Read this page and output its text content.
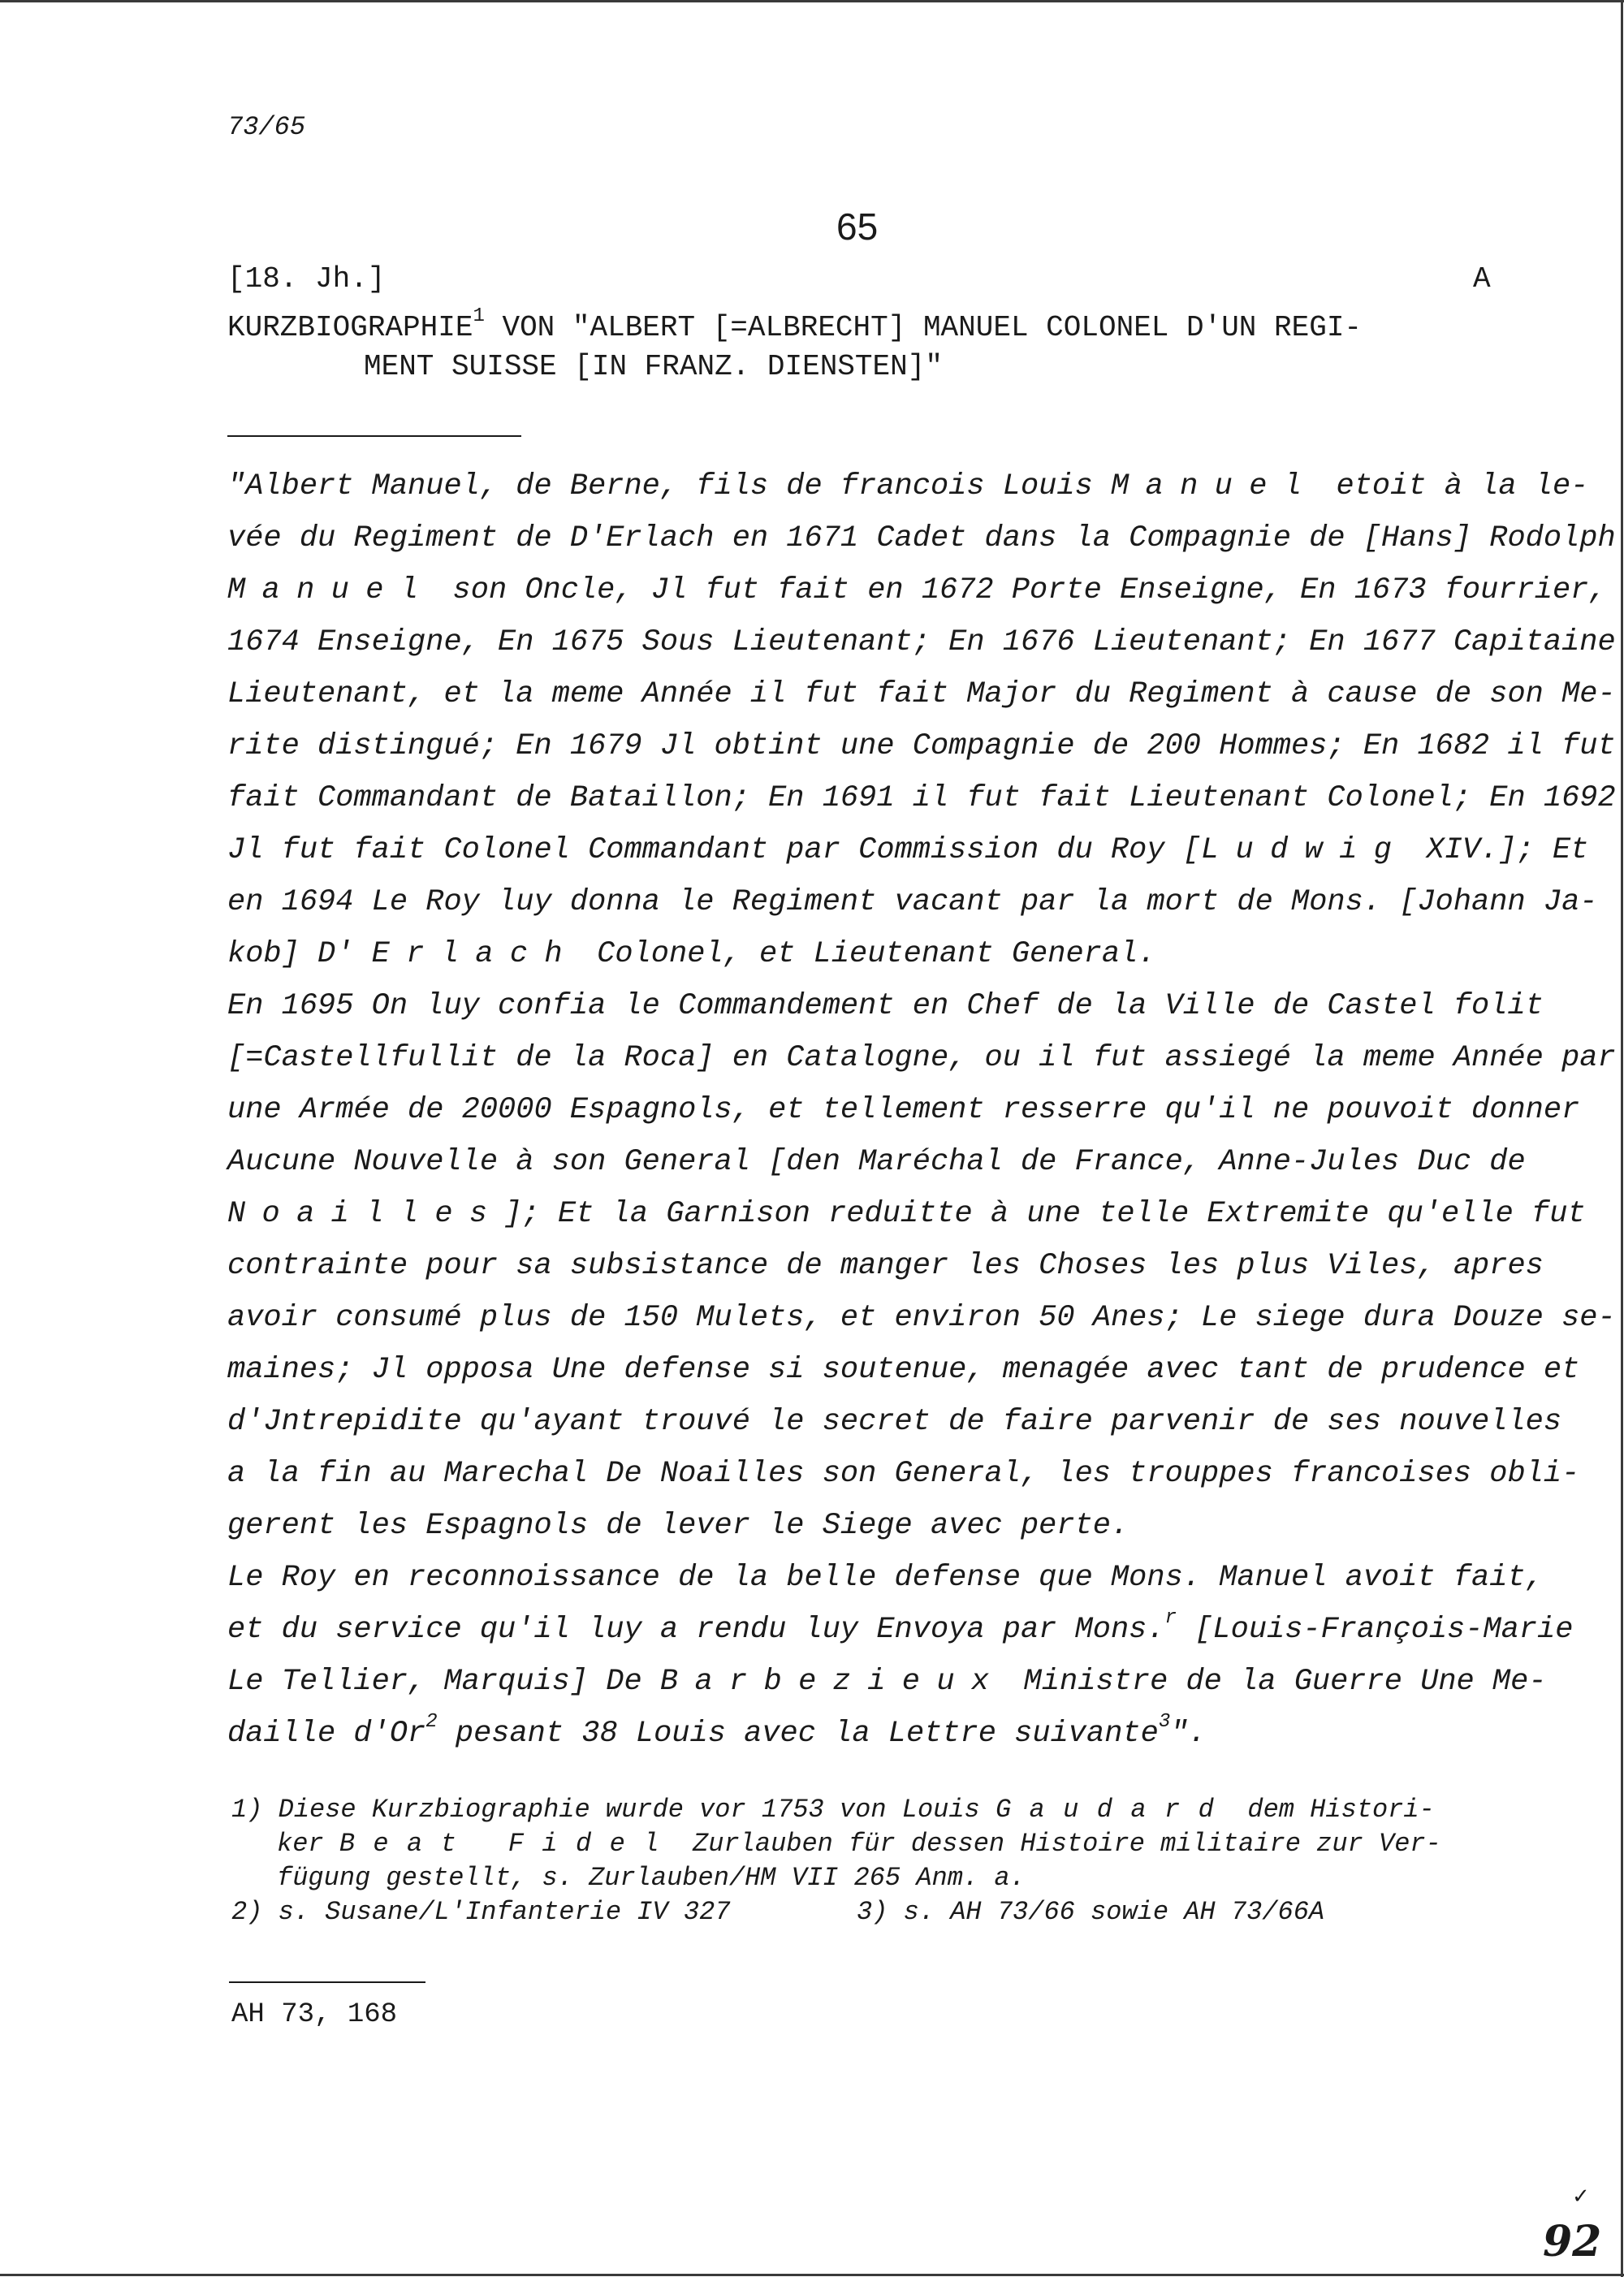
73/65
65
[18. Jh.]	A
KURZBIOGRAPHIE$^1$ VON "ALBERT [=ALBRECHT] MANUEL COLONEL D'UN REGI-
MENT SUISSE [IN FRANZ. DIENSTEN]"
"Albert Manuel, de Berne, fils de francois Louis Manuel etoit à la le-
vée du Regiment de D'Erlach en 1671 Cadet dans la Compagnie de [Hans] Rodolph
Manuel son Oncle, Jl fut fait en 1672 Porte Enseigne, En 1673 fourrier,
1674 Enseigne, En 1675 Sous Lieutenant; En 1676 Lieutenant; En 1677 Capitaine
Lieutenant, et la meme Année il fut fait Major du Regiment à cause de son Me-
rite distingué; En 1679 Jl obtint une Compagnie de 200 Hommes; En 1682 il fut
fait Commandant de Bataillon; En 1691 il fut fait Lieutenant Colonel; En 1692
Jl fut fait Colonel Commandant par Commission du Roy [Ludwig XIV.]; Et
en 1694 Le Roy luy donna le Regiment vacant par la mort de Mons. [Johann Ja-
kob] D' Erlach Colonel, et Lieutenant General.
En 1695 On luy confia le Commandement en Chef de la Ville de Castel folit
[=Castellfullit de la Roca] en Catalogne, ou il fut assiegé la meme Année par
une Armée de 20000 Espagnols, et tellement resserre qu'il ne pouvoit donner
Aucune Nouvelle à son General [den Maréchal de France, Anne-Jules Duc de
Noailles]; Et la Garnison reduitte à une telle Extremite qu'elle fut
contrainte pour sa subsistance de manger les Choses les plus Viles, apres
avoir consumé plus de 150 Mulets, et environ 50 Anes; Le siege dura Douze se-
maines; Jl opposa Une defense si soutenue, menagée avec tant de prudence et
d'Jntrepidite qu'ayant trouvé le secret de faire parvenir de ses nouvelles
a la fin au Marechal De Noailles son General, les trouppes francoises obli-
gerent les Espagnols de lever le Siege avec perte.
Le Roy en reconnoissance de la belle defense que Mons. Manuel avoit fait,
et du service qu'il luy a rendu luy Envoya par Mons.$^r$ [Louis-François-Marie
Le Tellier, Marquis] De Barbezieux Ministre de la Guerre Une Me-
daille d'Or$^2$ pesant 38 Louis avec la Lettre suivante$^3$".
1) Diese Kurzbiographie wurde vor 1753 von Louis Gaudard dem Histori-
ker Beat Fidel Zurlauben für dessen Histoire militaire zur Ver-
fügung gestellt, s. Zurlauben/HM VII 265 Anm. a.
2) s. Susane/L'Infanterie IV 327	3) s. AH 73/66 sowie AH 73/66A
AH 73, 168
✓
92
